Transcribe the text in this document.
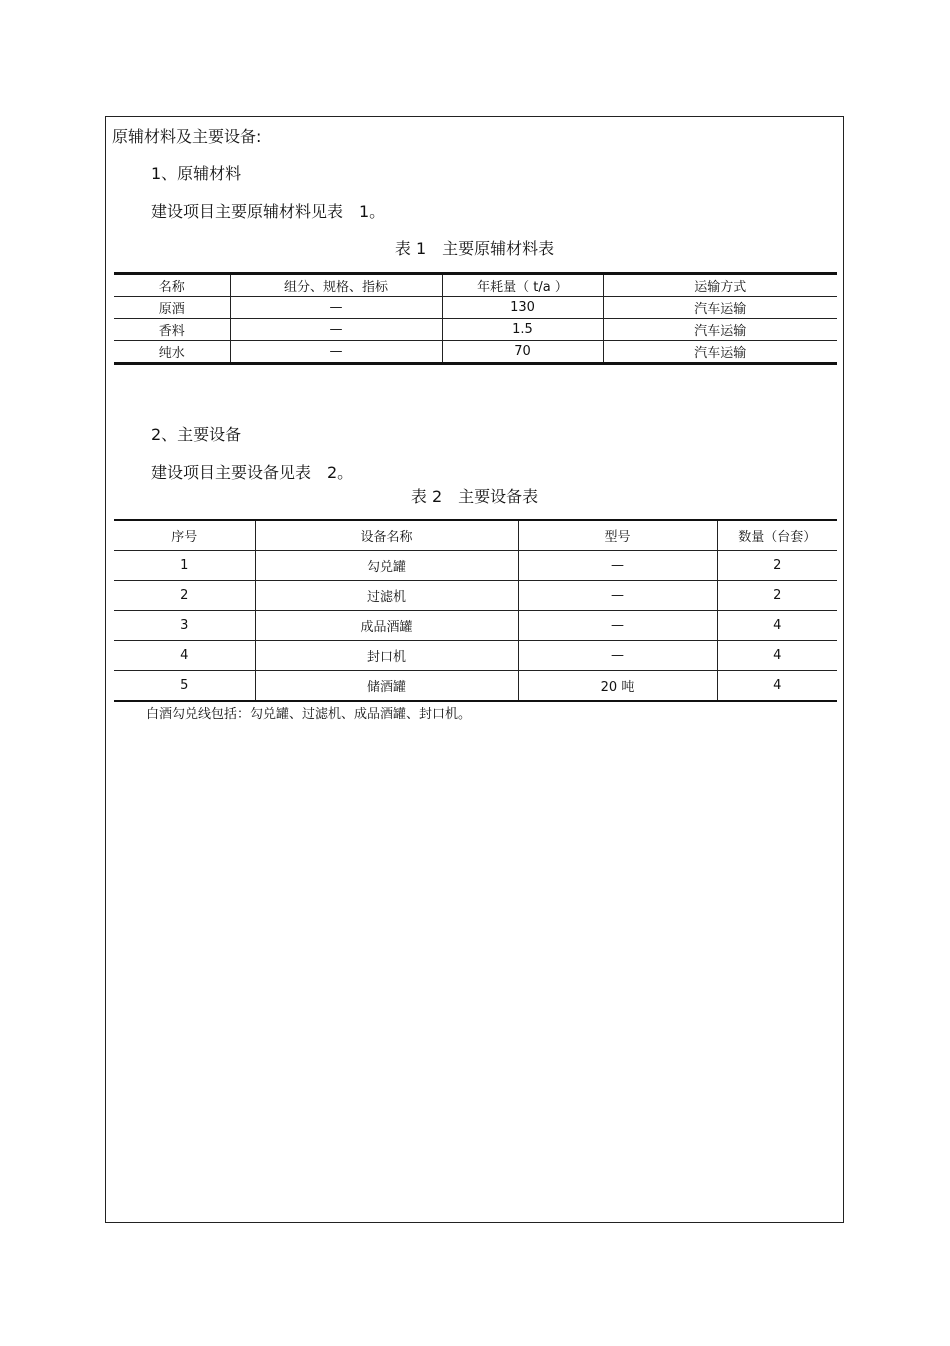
原辅材料及主要设备:
1、原辅材料
建设项目主要原辅材料见表　1。
表 1　主要原辅材料表
名称	组分、规格、指标	年耗量（ t/a ）	运输方式
原酒	—	130	汽车运输
香料	—	1.5	汽车运输
纯水	—	70	汽车运输
2、主要设备
建设项目主要设备见表　2。
表 2　主要设备表
序号	设备名称	型号	数量（台套）
1	勾兑罐	—	2
2	过滤机	—	2
3	成品酒罐	—	4
4	封口机	—	4
5	储酒罐	20 吨	4
白酒勾兑线包括：勾兑罐、过滤机、成品酒罐、封口机。
